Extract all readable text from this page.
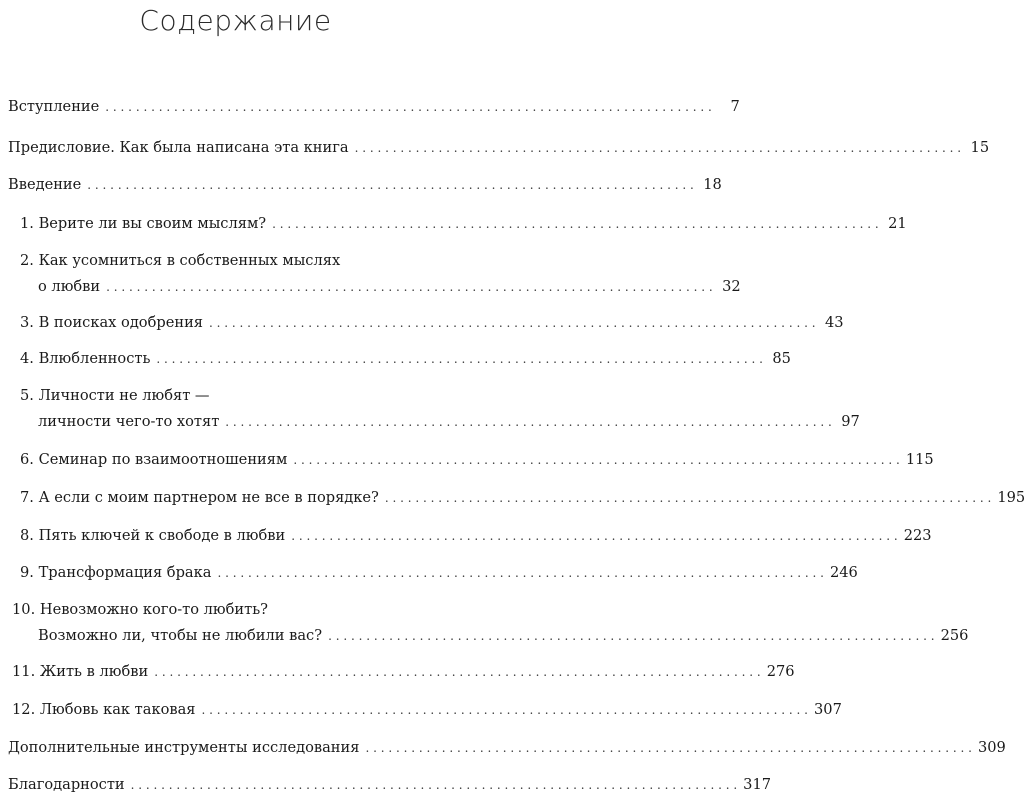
Содержание
Вступление . . .	7
Предисловие. Как была написана эта книга . . .	15
Введение . . .	18
1. Верите ли вы своим мыслям? . . .	21
2. Как усомниться в собственных мыслях
о любви . . .	32
3. В поисках одобрения . . .	43
4. Влюбленность . . .	85
5. Личности не любят —
личности чего-то хотят . . .	97
6. Семинар по взаимоотношениям . . .	115
7. А если с моим партнером не все в порядке? . . .	195
8. Пять ключей к свободе в любви . . .	223
9. Трансформация брака . . .	246
10. Невозможно кого-то любить?
Возможно ли, чтобы не любили вас? . . .	256
11. Жить в любви . . .	276
12. Любовь как таковая . . .	307
Дополнительные инструменты исследования . . .	309
Благодарности . . .	317
